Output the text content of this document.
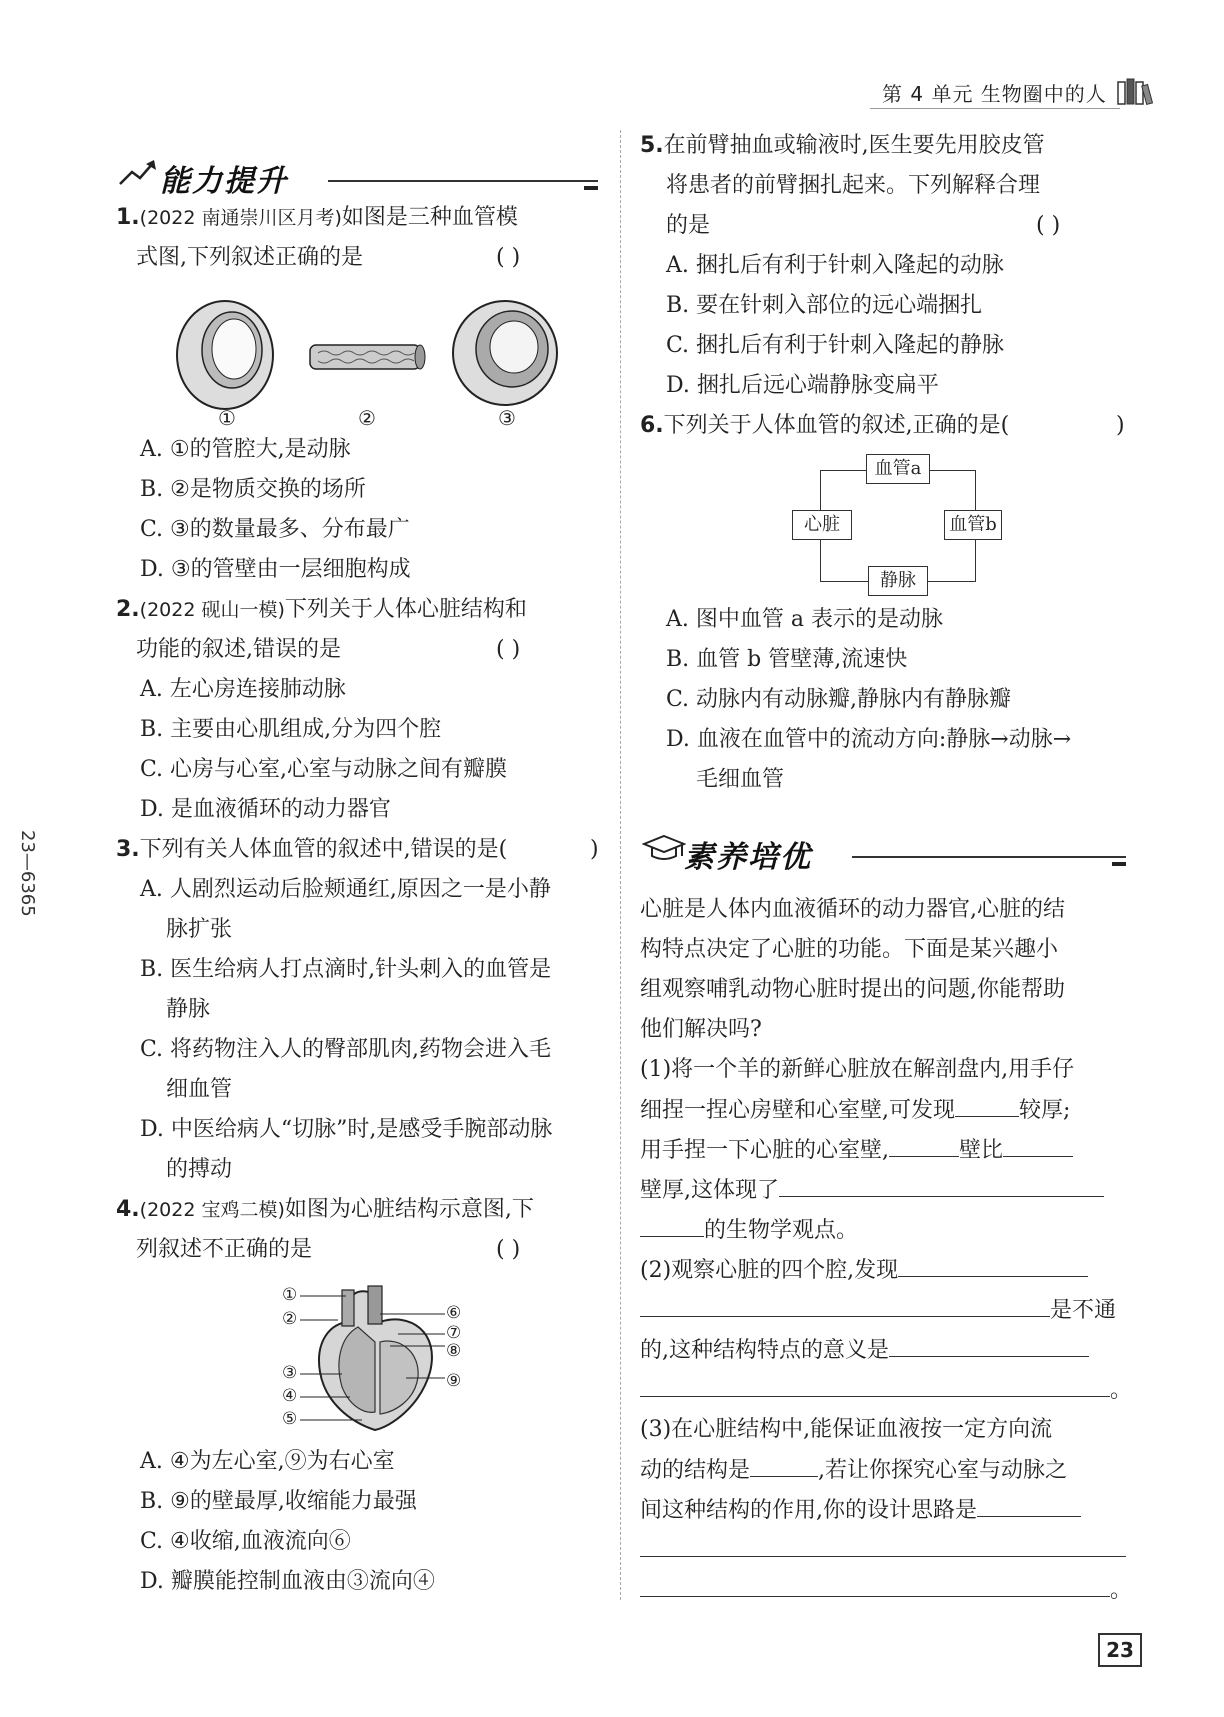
第 4 单元 生物圈中的人
23—6365
能力提升
1.(2022 南通崇川区月考)如图是三种血管模
式图,下列叙述正确的是	( )
①	②	③
A. ①的管腔大,是动脉
B. ②是物质交换的场所
C. ③的数量最多、分布最广
D. ③的管壁由一层细胞构成
2.(2022 砚山一模)下列关于人体心脏结构和
功能的叙述,错误的是	( )
A. 左心房连接肺动脉
B. 主要由心肌组成,分为四个腔
C. 心房与心室,心室与动脉之间有瓣膜
D. 是血液循环的动力器官
3.下列有关人体血管的叙述中,错误的是(	)
A. 人剧烈运动后脸颊通红,原因之一是小静
脉扩张
B. 医生给病人打点滴时,针头刺入的血管是
静脉
C. 将药物注入人的臀部肌肉,药物会进入毛
细血管
D. 中医给病人“切脉”时,是感受手腕部动脉
的搏动
4.(2022 宝鸡二模)如图为心脏结构示意图,下
列叙述不正确的是	( )
①
②
③
④
⑤
⑥
⑦
⑧
⑨
A. ④为左心室,⑨为右心室
B. ⑨的壁最厚,收缩能力最强
C. ④收缩,血液流向⑥
D. 瓣膜能控制血液由③流向④
5.在前臂抽血或输液时,医生要先用胶皮管
将患者的前臂捆扎起来。下列解释合理
的是	( )
A. 捆扎后有利于针刺入隆起的动脉
B. 要在针刺入部位的远心端捆扎
C. 捆扎后有利于针刺入隆起的静脉
D. 捆扎后远心端静脉变扁平
6.下列关于人体血管的叙述,正确的是(	)
血管a
心脏	血管b
静脉
A. 图中血管 a 表示的是动脉
B. 血管 b 管壁薄,流速快
C. 动脉内有动脉瓣,静脉内有静脉瓣
D. 血液在血管中的流动方向:静脉→动脉→
毛细血管
素养培优
心脏是人体内血液循环的动力器官,心脏的结
构特点决定了心脏的功能。下面是某兴趣小
组观察哺乳动物心脏时提出的问题,你能帮助
他们解决吗?
(1)将一个羊的新鲜心脏放在解剖盘内,用手仔
细捏一捏心房壁和心室壁,可发现	较厚;
用手捏一下心脏的心室壁,	壁比
壁厚,这体现了
的生物学观点。
(2)观察心脏的四个腔,发现
是不通
的,这种结构特点的意义是
。
(3)在心脏结构中,能保证血液按一定方向流
动的结构是	,若让你探究心室与动脉之
间这种结构的作用,你的设计思路是
。
23
